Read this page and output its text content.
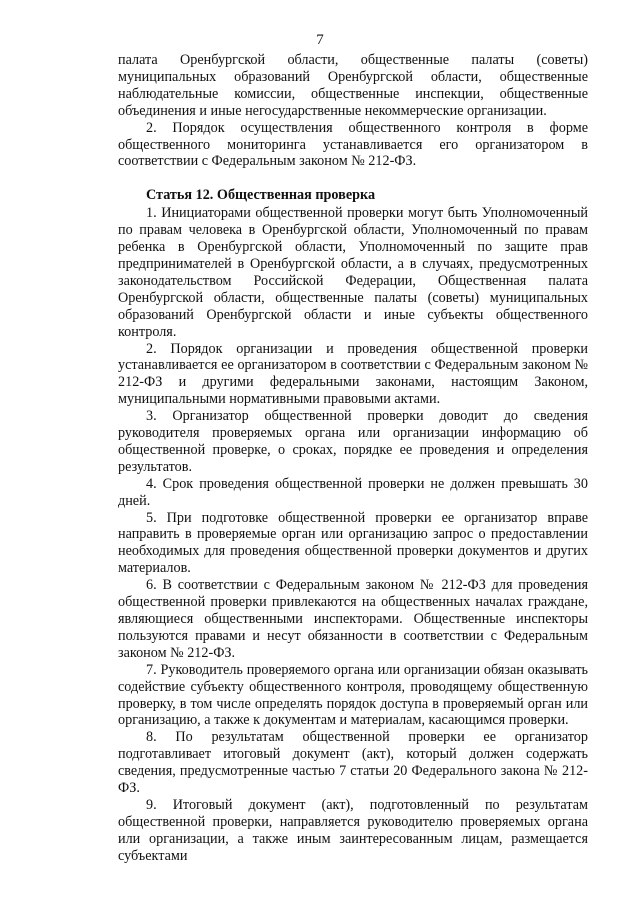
7

палата Оренбургской области, общественные палаты (советы) муниципальных образований Оренбургской области, общественные наблюдательные комиссии, общественные инспекции, общественные объединения и иные негосударственные некоммерческие организации.

2. Порядок осуществления общественного контроля в форме общественного мониторинга устанавливается его организатором в соответствии с Федеральным законом № 212-ФЗ.

Статья 12. Общественная проверка

1. Инициаторами общественной проверки могут быть Уполномоченный по правам человека в Оренбургской области, Уполномоченный по правам ребенка в Оренбургской области, Уполномоченный по защите прав предпринимателей в Оренбургской области, а в случаях, предусмотренных законодательством Российской Федерации, Общественная палата Оренбургской области, общественные палаты (советы) муниципальных образований Оренбургской области и иные субъекты общественного контроля.

2. Порядок организации и проведения общественной проверки устанавливается ее организатором в соответствии с Федеральным законом № 212-ФЗ и другими федеральными законами, настоящим Законом, муниципальными нормативными правовыми актами.

3. Организатор общественной проверки доводит до сведения руководителя проверяемых органа или организации информацию об общественной проверке, о сроках, порядке ее проведения и определения результатов.

4. Срок проведения общественной проверки не должен превышать 30 дней.

5. При подготовке общественной проверки ее организатор вправе направить в проверяемые орган или организацию запрос о предоставлении необходимых для проведения общественной проверки документов и других материалов.

6. В соответствии с Федеральным законом № 212-ФЗ для проведения общественной проверки привлекаются на общественных началах граждане, являющиеся общественными инспекторами. Общественные инспекторы пользуются правами и несут обязанности в соответствии с Федеральным законом № 212-ФЗ.

7. Руководитель проверяемого органа или организации обязан оказывать содействие субъекту общественного контроля, проводящему общественную проверку, в том числе определять порядок доступа в проверяемый орган или организацию, а также к документам и материалам, касающимся проверки.

8. По результатам общественной проверки ее организатор подготавливает итоговый документ (акт), который должен содержать сведения, предусмотренные частью 7 статьи 20 Федерального закона № 212-ФЗ.

9. Итоговый документ (акт), подготовленный по результатам общественной проверки, направляется руководителю проверяемых органа или организации, а также иным заинтересованным лицам, размещается субъектами
